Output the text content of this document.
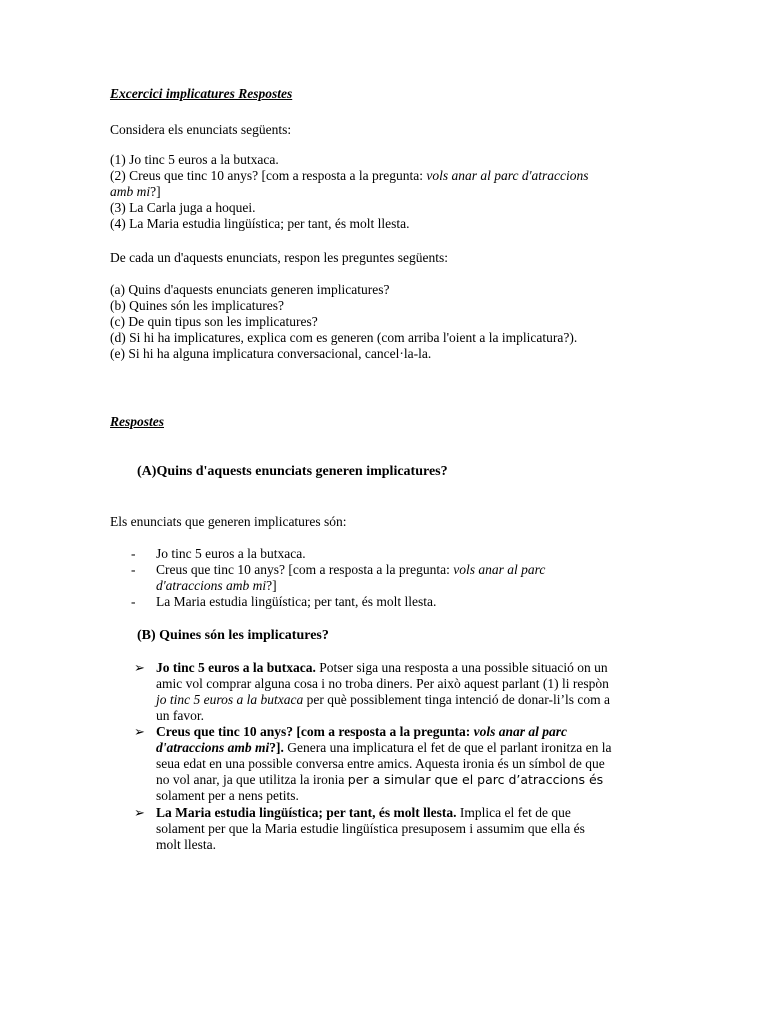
Excercici implicatures Respostes
Considera els enunciats següents:
(1) Jo tinc 5 euros a la butxaca.
(2) Creus que tinc 10 anys? [com a resposta a la pregunta: vols anar al parc d'atraccions
amb mi?]
(3) La Carla juga a hoquei.
(4) La Maria estudia lingüística; per tant, és molt llesta.
De cada un d'aquests enunciats, respon les preguntes següents:
(a) Quins d'aquests enunciats generen implicatures?
(b) Quines són les implicatures?
(c) De quin tipus son les implicatures?
(d) Si hi ha implicatures, explica com es generen (com arriba l'oient a la implicatura?).
(e) Si hi ha alguna implicatura conversacional, cancel·la-la.
Respostes
(A)Quins d'aquests enunciats generen implicatures?
Els enunciats que generen implicatures són:
- Jo tinc 5 euros a la butxaca.
- Creus que tinc 10 anys? [com a resposta a la pregunta: vols anar al parc
d'atraccions amb mi?]
- La Maria estudia lingüística; per tant, és molt llesta.
(B) Quines són les implicatures?
➢ Jo tinc 5 euros a la butxaca. Potser siga una resposta a una possible situació on un
amic vol comprar alguna cosa i no troba diners. Per això aquest parlant (1) li respòn
jo tinc 5 euros a la butxaca per què possiblement tinga intenció de donar-li’ls com a
un favor.
➢ Creus que tinc 10 anys? [com a resposta a la pregunta: vols anar al parc
d'atraccions amb mi?]. Genera una implicatura el fet de que el parlant ironitza en la
seua edat en una possible conversa entre amics. Aquesta ironia és un símbol de que
no vol anar, ja que utilitza la ironia per a simular que el parc d’atraccions és
solament per a nens petits.
➢ La Maria estudia lingüística; per tant, és molt llesta. Implica el fet de que
solament per que la Maria estudie lingüística presuposem i assumim que ella és
molt llesta.
